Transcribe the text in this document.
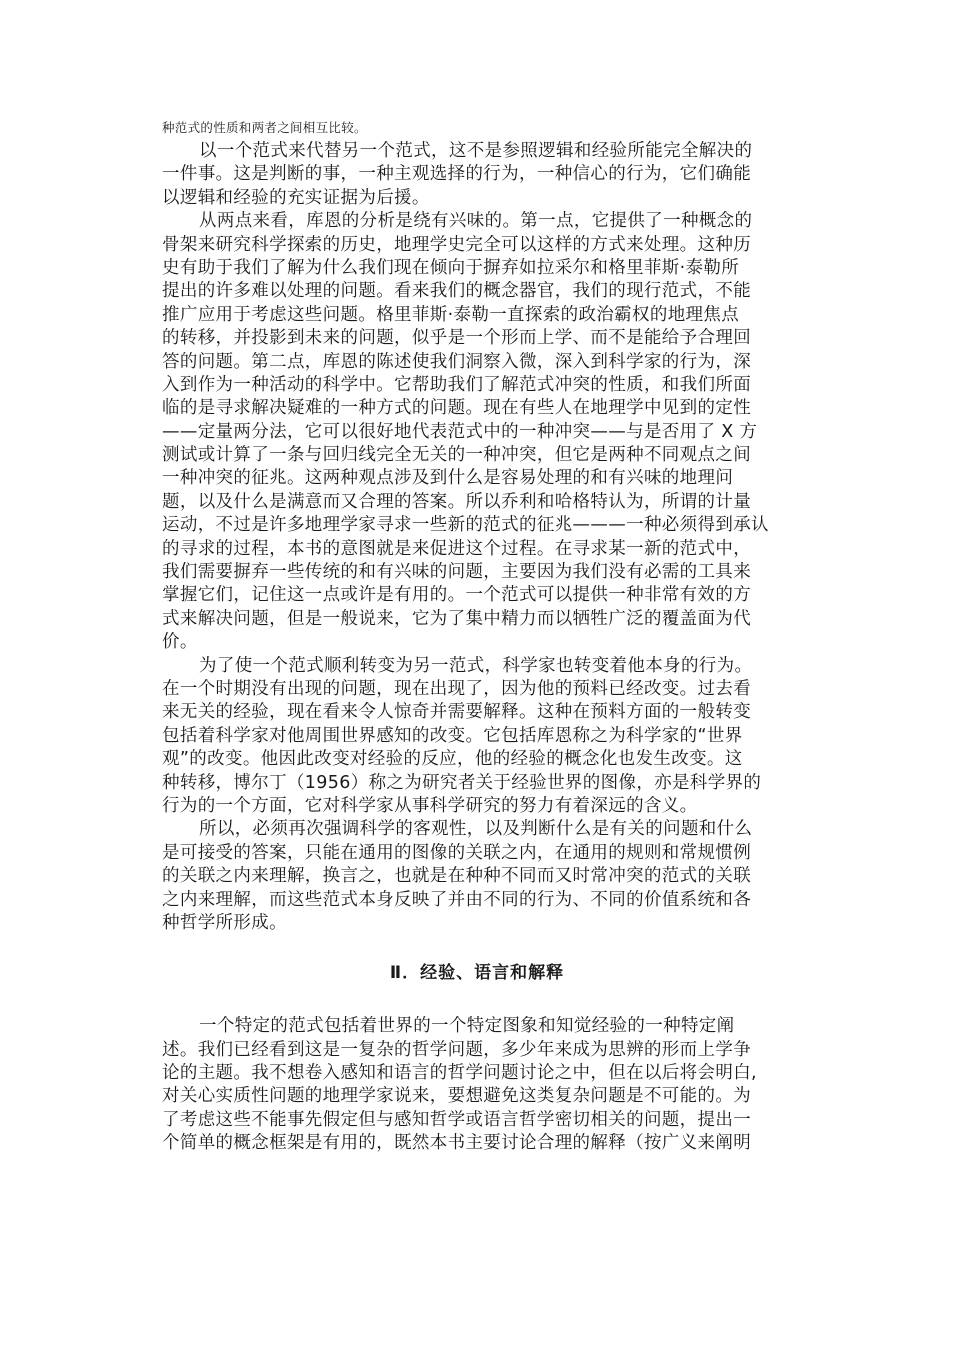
种范式的性质和两者之间相互比较。
以一个范式来代替另一个范式，这不是参照逻辑和经验所能完全解决的
一件事。这是判断的事，一种主观选择的行为，一种信心的行为，它们确能
以逻辑和经验的充实证据为后援。
从两点来看，库恩的分析是绕有兴味的。第一点，它提供了一种概念的
骨架来研究科学探索的历史，地理学史完全可以这样的方式来处理。这种历
史有助于我们了解为什么我们现在倾向于摒弃如拉采尔和格里菲斯·泰勒所
提出的许多难以处理的问题。看来我们的概念器官，我们的现行范式，不能
推广应用于考虑这些问题。格里菲斯·泰勒一直探索的政治霸权的地理焦点
的转移，并投影到未来的问题，似乎是一个形而上学、而不是能给予合理回
答的问题。第二点，库恩的陈述使我们洞察入微，深入到科学家的行为，深
入到作为一种活动的科学中。它帮助我们了解范式冲突的性质，和我们所面
临的是寻求解决疑难的一种方式的问题。现在有些人在地理学中见到的定性
——定量两分法，它可以很好地代表范式中的一种冲突——与是否用了 X 方
测试或计算了一条与回归线完全无关的一种冲突，但它是两种不同观点之间
一种冲突的征兆。这两种观点涉及到什么是容易处理的和有兴味的地理问
题，以及什么是满意而又合理的答案。所以乔利和哈格特认为，所谓的计量
运动，不过是许多地理学家寻求一些新的范式的征兆———一种必须得到承认
的寻求的过程，本书的意图就是来促进这个过程。在寻求某一新的范式中，
我们需要摒弃一些传统的和有兴味的问题，主要因为我们没有必需的工具来
掌握它们，记住这一点或许是有用的。一个范式可以提供一种非常有效的方
式来解决问题，但是一般说来，它为了集中精力而以牺牲广泛的覆盖面为代
价。
为了使一个范式顺利转变为另一范式，科学家也转变着他本身的行为。
在一个时期没有出现的问题，现在出现了，因为他的预料已经改变。过去看
来无关的经验，现在看来令人惊奇并需要解释。这种在预料方面的一般转变
包括着科学家对他周围世界感知的改变。它包括库恩称之为科学家的“世界
观”的改变。他因此改变对经验的反应，他的经验的概念化也发生改变。这
种转移，博尔丁（1956）称之为研究者关于经验世界的图像，亦是科学界的
行为的一个方面，它对科学家从事科学研究的努力有着深远的含义。
所以，必须再次强调科学的客观性，以及判断什么是有关的问题和什么
是可接受的答案，只能在通用的图像的关联之内，在通用的规则和常规惯例
的关联之内来理解，换言之，也就是在种种不同而又时常冲突的范式的关联
之内来理解，而这些范式本身反映了并由不同的行为、不同的价值系统和各
种哲学所形成。
Ⅱ．经验、语言和解释
一个特定的范式包括着世界的一个特定图象和知觉经验的一种特定阐
述。我们已经看到这是一复杂的哲学问题，多少年来成为思辨的形而上学争
论的主题。我不想卷入感知和语言的哲学问题讨论之中，但在以后将会明白,
对关心实质性问题的地理学家说来，要想避免这类复杂问题是不可能的。为
了考虑这些不能事先假定但与感知哲学或语言哲学密切相关的问题，提出一
个简单的概念框架是有用的，既然本书主要讨论合理的解释（按广义来阐明
